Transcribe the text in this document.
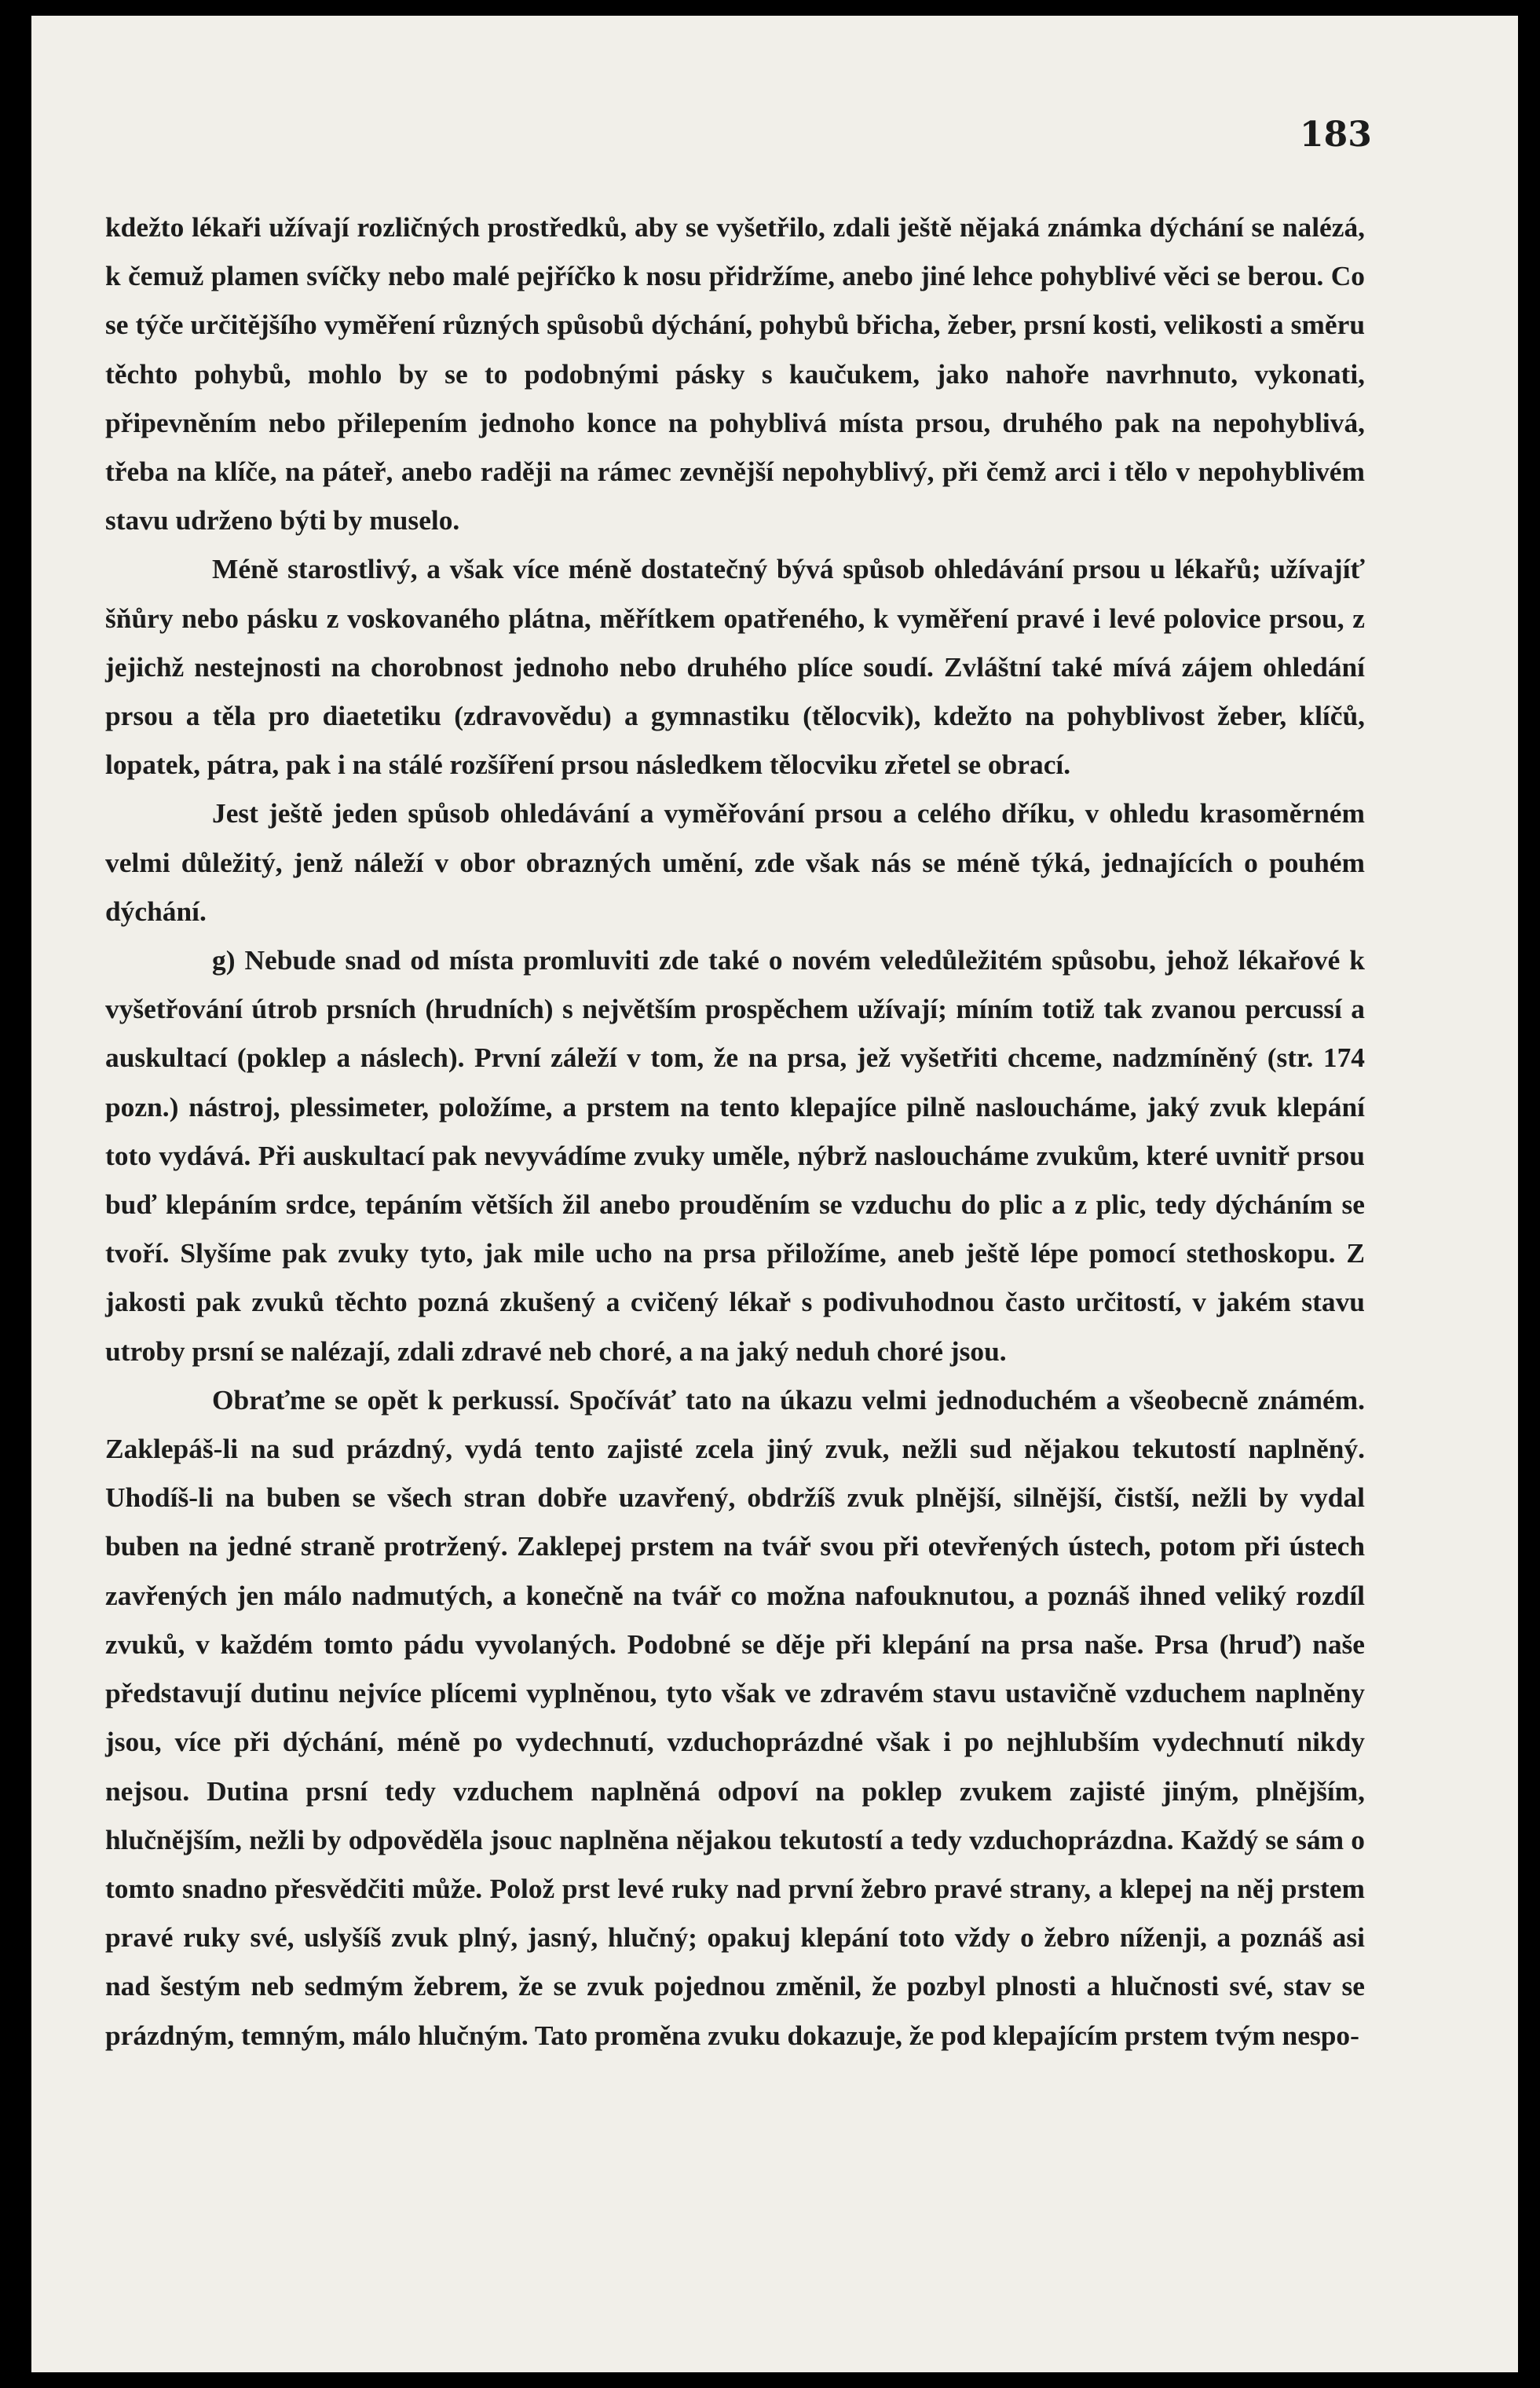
183

kdežto lékaři užívají rozličných prostředků, aby se vyšetřilo, zdali ještě nějaká známka dýchání se nalézá, k čemuž plamen svíčky nebo malé pejříčko k nosu přidržíme, anebo jiné lehce pohyblivé věci se berou. Co se týče určitějšího vyměření různých spůsobů dýchání, pohybů břicha, žeber, prsní kosti, velikosti a směru těchto pohybů, mohlo by se to podobnými pásky s kaučukem, jako nahoře navrhnuto, vykonati, připevněním nebo přilepením jednoho konce na pohyblivá místa prsou, druhého pak na nepohyblivá, třeba na klíče, na páteř, anebo raději na rámec zevnější nepohyblivý, při čemž arci i tělo v nepohyblivém stavu udrženo býti by muselo.

Méně starostlivý, a však více méně dostatečný bývá spůsob ohledávání prsou u lékařů; užívajíť šňůry nebo pásku z voskovaného plátna, měřítkem opatřeného, k vyměření pravé i levé polovice prsou, z jejichž nestejnosti na chorobnost jednoho nebo druhého plíce soudí. Zvláštní také mívá zájem ohledání prsou a těla pro diaetetiku (zdravovědu) a gymnastiku (tělocvik), kdežto na pohyblivost žeber, klíčů, lopatek, pátra, pak i na stálé rozšíření prsou následkem tělocviku zřetel se obrací.

Jest ještě jeden spůsob ohledávání a vyměřování prsou a celého dříku, v ohledu krasoměrném velmi důležitý, jenž náleží v obor obrazných umění, zde však nás se méně týká, jednajících o pouhém dýchání.

g) Nebude snad od místa promluviti zde také o novém veledůležitém spůsobu, jehož lékařové k vyšetřování útrob prsních (hrudních) s největším prospěchem užívají; míním totiž tak zvanou percussí a auskultací (poklep a náslech). První záleží v tom, že na prsa, jež vyšetřiti chceme, nadzmíněný (str. 174 pozn.) nástroj, plessimeter, položíme, a prstem na tento klepajíce pilně nasloucháme, jaký zvuk klepání toto vydává. Při auskultací pak nevyvádíme zvuky uměle, nýbrž nasloucháme zvukům, které uvnitř prsou buď klepáním srdce, tepáním větších žil anebo prouděním se vzduchu do plic a z plic, tedy dýcháním se tvoří. Slyšíme pak zvuky tyto, jak mile ucho na prsa přiložíme, aneb ještě lépe pomocí stethoskopu. Z jakosti pak zvuků těchto pozná zkušený a cvičený lékař s podivuhodnou často určitostí, v jakém stavu utroby prsní se nalézají, zdali zdravé neb choré, a na jaký neduh choré jsou.

Obraťme se opět k perkussí. Spočíváť tato na úkazu velmi jednoduchém a všeobecně známém. Zaklepáš-li na sud prázdný, vydá tento zajisté zcela jiný zvuk, nežli sud nějakou tekutostí naplněný. Uhodíš-li na buben se všech stran dobře uzavřený, obdržíš zvuk plnější, silnější, čistší, nežli by vydal buben na jedné straně protržený. Zaklepej prstem na tvář svou při otevřených ústech, potom při ústech zavřených jen málo nadmutých, a konečně na tvář co možna nafouknutou, a poznáš ihned veliký rozdíl zvuků, v každém tomto pádu vyvolaných. Podobné se děje při klepání na prsa naše. Prsa (hruď) naše představují dutinu nejvíce plícemi vyplněnou, tyto však ve zdravém stavu ustavičně vzduchem naplněny jsou, více při dýchání, méně po vydechnutí, vzduchoprázdné však i po nejhlubším vydechnutí nikdy nejsou. Dutina prsní tedy vzduchem naplněná odpoví na poklep zvukem zajisté jiným, plnějším, hlučnějším, nežli by odpověděla jsouc naplněna nějakou tekutostí a tedy vzduchoprázdna. Každý se sám o tomto snadno přesvědčiti může. Polož prst levé ruky nad první žebro pravé strany, a klepej na něj prstem pravé ruky své, uslyšíš zvuk plný, jasný, hlučný; opakuj klepání toto vždy o žebro níženji, a poznáš asi nad šestým neb sedmým žebrem, že se zvuk pojednou změnil, že pozbyl plnosti a hlučnosti své, stav se prázdným, temným, málo hlučným. Tato proměna zvuku dokazuje, že pod klepajícím prstem tvým nespo-
